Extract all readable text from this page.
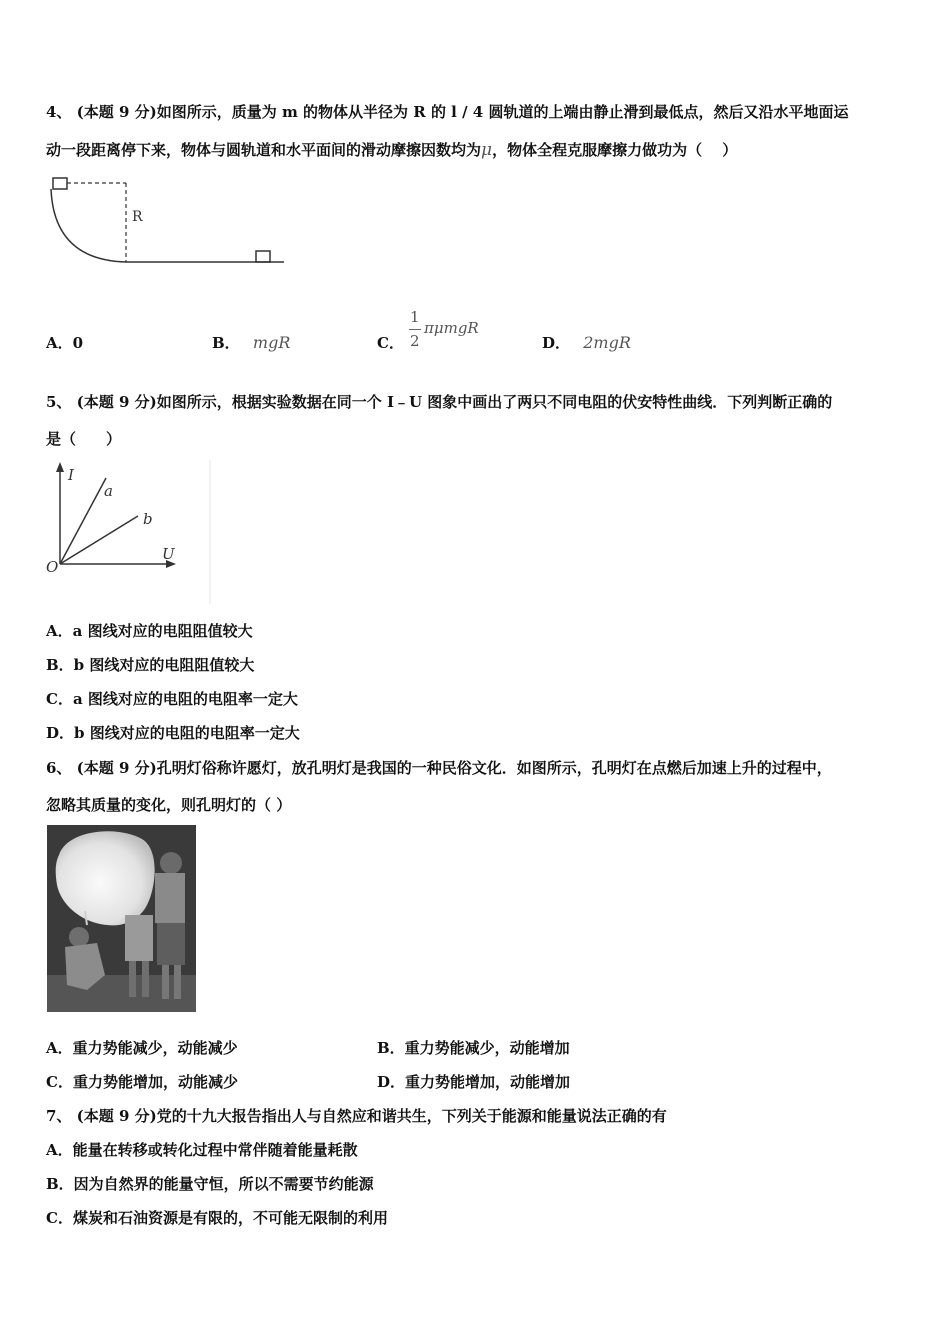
4、 (本题 9 分)如图所示，质量为 m 的物体从半径为 R 的 l / 4 圆轨道的上端由静止滑到最低点，然后又沿水平地面运
动一段距离停下来，物体与圆轨道和水平面间的滑动摩擦因数均为μ，物体全程克服摩擦力做功为（　 ）
R
A．0	B． mgR	C．
1
2
πμmgR
D． 2mgR
5、 (本题 9 分)如图所示，根据实验数据在同一个 I﹣U 图象中画出了两只不同电阻的伏安特性曲线．下列判断正确的
是（　　）
I
a
b
U
O
A．a 图线对应的电阻阻值较大
B．b 图线对应的电阻阻值较大
C．a 图线对应的电阻的电阻率一定大
D．b 图线对应的电阻的电阻率一定大
6、 (本题 9 分)孔明灯俗称许愿灯，放孔明灯是我国的一种民俗文化．如图所示，孔明灯在点燃后加速上升的过程中，
忽略其质量的变化，则孔明灯的（ ）
A．重力势能减少，动能减少	B．重力势能减少，动能增加
C．重力势能增加，动能减少	D．重力势能增加，动能增加
7、 (本题 9 分)党的十九大报告指出人与自然应和谐共生，下列关于能源和能量说法正确的有
A．能量在转移或转化过程中常伴随着能量耗散
B．因为自然界的能量守恒，所以不需要节约能源
C．煤炭和石油资源是有限的，不可能无限制的利用
